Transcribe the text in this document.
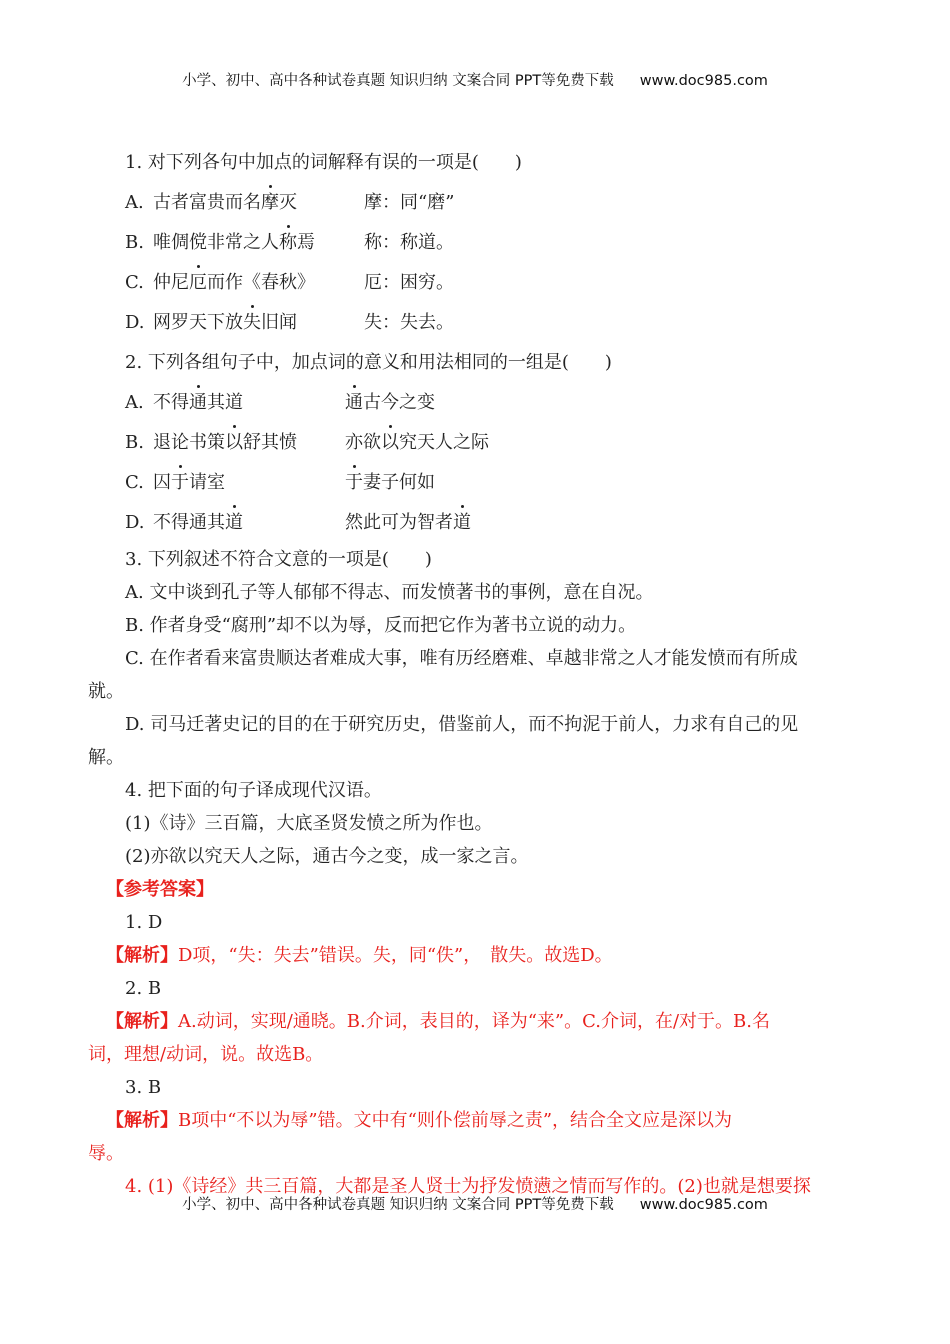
小学、初中、高中各种试卷真题 知识归纳 文案合同 PPT等免费下载 www.doc985.com
1. 对下列各句中加点的词解释有误的一项是(　　)
A. 古者富贵而名摩灭	摩：同“磨”
B. 唯倜傥非常之人称焉	称：称道。
C. 仲尼厄而作《春秋》	厄：困穷。
D. 网罗天下放失旧闻	失：失去。
2. 下列各组句子中，加点词的意义和用法相同的一组是(　　)
A. 不得通其道	通古今之变
B. 退论书策以舒其愤	亦欲以究天人之际
C. 囚于请室	于妻子何如
D. 不得通其道	然此可为智者道
3. 下列叙述不符合文意的一项是(　　)
A. 文中谈到孔子等人郁郁不得志、而发愤著书的事例，意在自况。
B. 作者身受“腐刑”却不以为辱，反而把它作为著书立说的动力。
C. 在作者看来富贵顺达者难成大事，唯有历经磨难、卓越非常之人才能发愤而有所成
就。
D. 司马迁著史记的目的在于研究历史，借鉴前人，而不拘泥于前人，力求有自己的见
解。
4. 把下面的句子译成现代汉语。
(1)《诗》三百篇，大底圣贤发愤之所为作也。
(2)亦欲以究天人之际，通古今之变，成一家之言。
【参考答案】
1. D
【解析】D项，“失：失去”错误。失，同“佚”，　散失。故选D。
2. B
【解析】A.动词，实现/通晓。B.介词，表目的，译为“来”。C.介词，在/对于。B.名
词，理想/动词，说。故选B。
3. B
【解析】B项中“不以为辱”错。文中有“则仆偿前辱之责”，结合全文应是深以为
辱。
4. (1)《诗经》共三百篇，大都是圣人贤士为抒发愤懑之情而写作的。(2)也就是想要探
小学、初中、高中各种试卷真题 知识归纳 文案合同 PPT等免费下载 www.doc985.com
